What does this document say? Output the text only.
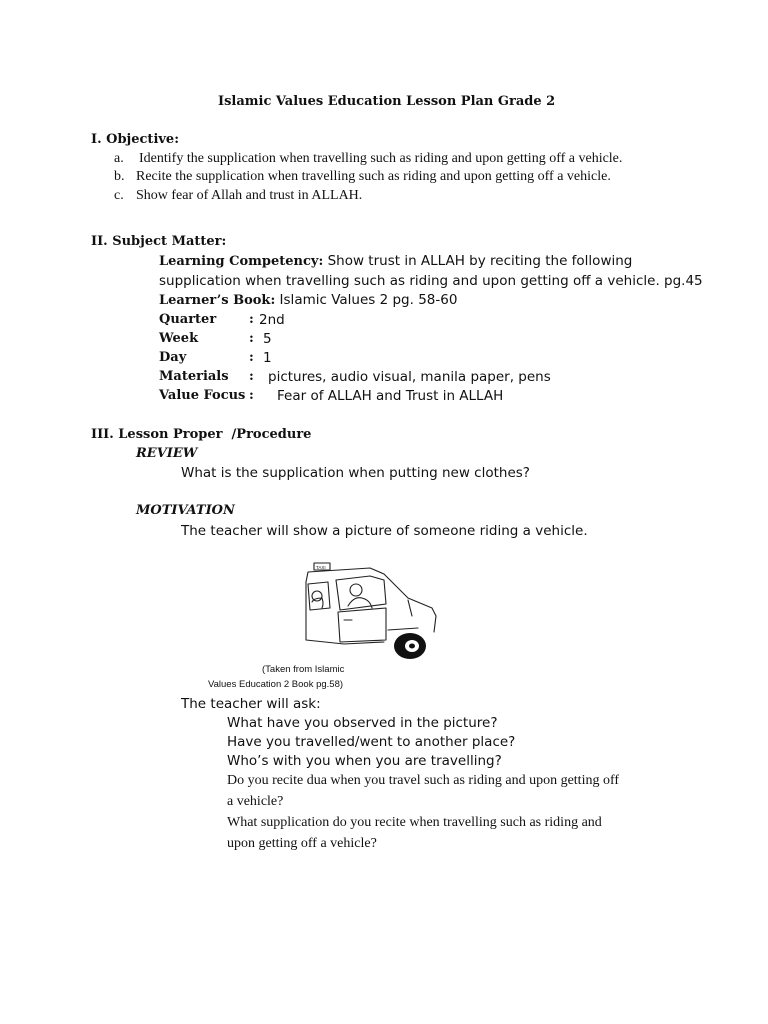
Islamic Values Education Lesson Plan Grade 2
I. Objective:
a. Identify the supplication when travelling such as riding and upon getting off a vehicle.
b. Recite the supplication when travelling such as riding and upon getting off a vehicle.
c. Show fear of Allah and trust in ALLAH.
II. Subject Matter:
Learning Competency: Show trust in ALLAH by reciting the following
supplication when travelling such as riding and upon getting off a vehicle. pg.45
Learner’s Book: Islamic Values 2 pg. 58-60
Quarter	: 2nd
Week	: 5
Day	: 1
Materials : pictures, audio visual, manila paper, pens
Value Focus : Fear of ALLAH and Trust in ALLAH
III. Lesson Proper  /Procedure
REVIEW
What is the supplication when putting new clothes?
MOTIVATION
The teacher will show a picture of someone riding a vehicle.
TAXI
(Taken from Islamic
Values Education 2 Book pg.58)
The teacher will ask:
What have you observed in the picture?
Have you travelled/went to another place?
Who’s with you when you are travelling?
Do you recite dua when you travel such as riding and upon getting off
a vehicle?
What supplication do you recite when travelling such as riding and
upon getting off a vehicle?
